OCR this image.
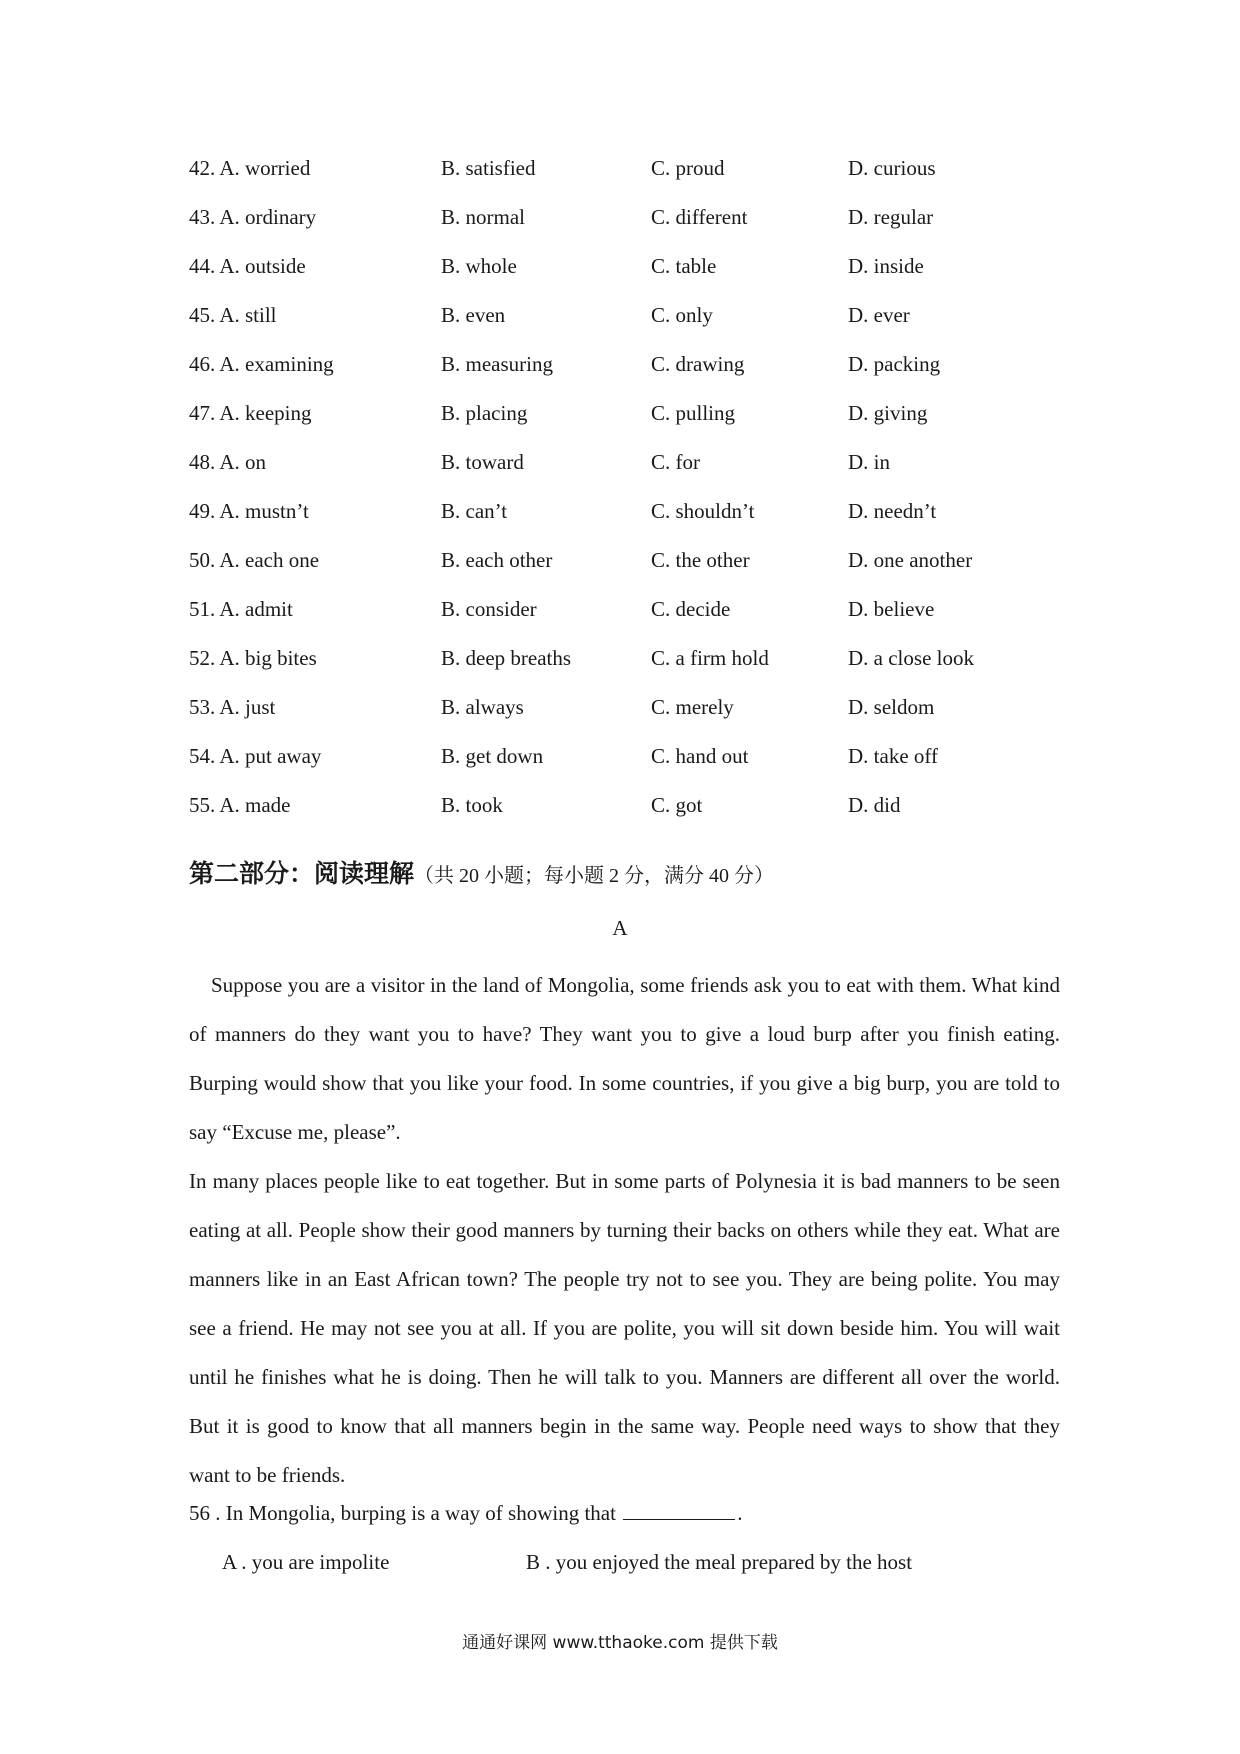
42. A. worried	B. satisfied	C. proud	D. curious
43. A. ordinary	B. normal	C. different	D. regular
44. A. outside	B. whole	C. table	D. inside
45. A. still	B. even	C. only	D. ever
46. A. examining	B. measuring	C. drawing	D. packing
47. A. keeping	B. placing	C. pulling	D. giving
48. A. on	B. toward	C. for	D. in
49. A. mustn’t	B. can’t	C. shouldn’t	D. needn’t
50. A. each one	B. each other	C. the other	D. one another
51. A. admit	B. consider	C. decide	D. believe
52. A. big bites	B. deep breaths	C. a firm hold	D. a close look
53. A. just	B. always	C. merely	D. seldom
54. A. put away	B. get down	C. hand out	D. take off
55. A. made	B. took	C. got	D. did
第二部分：阅读理解（共 20 小题；每小题 2 分，满分 40 分）
A

Suppose you are a visitor in the land of Mongolia, some friends ask you to eat with them. What kind of manners do they want you to have? They want you to give a loud burp after you finish eating. Burping would show that you like your food. In some countries, if you give a big burp, you are told to say “Excuse me, please”.

In many places people like to eat together. But in some parts of Polynesia it is bad manners to be seen eating at all. People show their good manners by turning their backs on others while they eat. What are manners like in an East African town? The people try not to see you. They are being polite. You may see a friend. He may not see you at all. If you are polite, you will sit down beside him. You will wait until he finishes what he is doing. Then he will talk to you. Manners are different all over the world. But it is good to know that all manners begin in the same way. People need ways to show that they want to be friends.

56 . In Mongolia, burping is a way of showing that	.
A . you are impolite	B . you enjoyed the meal prepared by the host
通通好课网 www.tthaoke.com 提供下载
